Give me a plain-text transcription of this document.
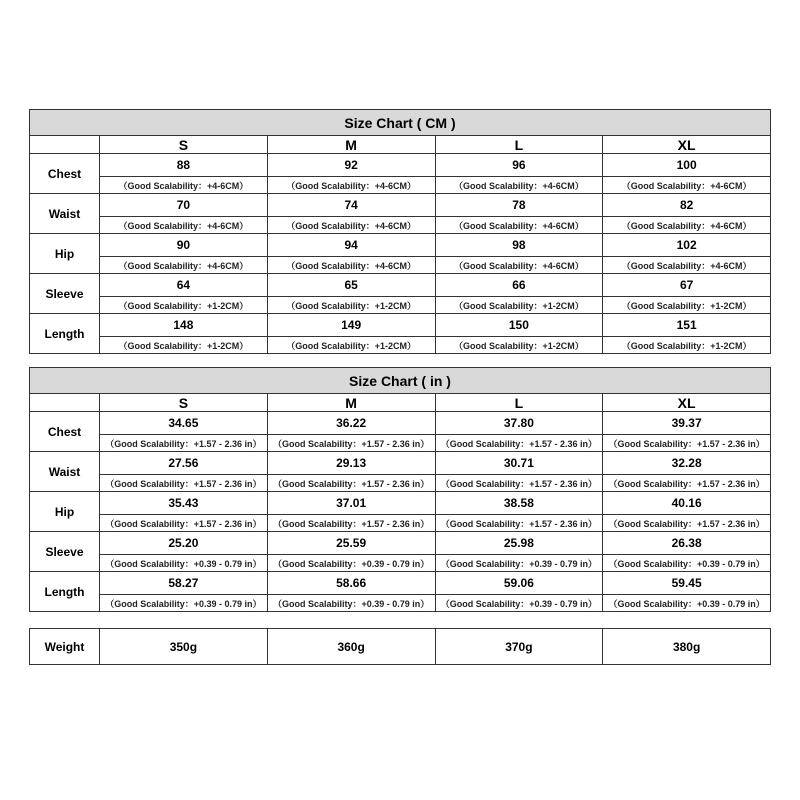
Size Chart ( CM )				
	S	M	L	XL
Chest	88	92	96	100
	（Good Scalability：+4-6CM）	（Good Scalability：+4-6CM）	（Good Scalability：+4-6CM）	（Good Scalability：+4-6CM）
Waist	70	74	78	82
	（Good Scalability：+4-6CM）	（Good Scalability：+4-6CM）	（Good Scalability：+4-6CM）	（Good Scalability：+4-6CM）
Hip	90	94	98	102
	（Good Scalability：+4-6CM）	（Good Scalability：+4-6CM）	（Good Scalability：+4-6CM）	（Good Scalability：+4-6CM）
Sleeve	64	65	66	67
	（Good Scalability：+1-2CM）	（Good Scalability：+1-2CM）	（Good Scalability：+1-2CM）	（Good Scalability：+1-2CM）
Length	148	149	150	151
	（Good Scalability：+1-2CM）	（Good Scalability：+1-2CM）	（Good Scalability：+1-2CM）	（Good Scalability：+1-2CM）
Size Chart ( in )				
	S	M	L	XL
Chest	34.65	36.22	37.80	39.37
	（Good Scalability：+1.57 - 2.36 in）	（Good Scalability：+1.57 - 2.36 in）	（Good Scalability：+1.57 - 2.36 in）	（Good Scalability：+1.57 - 2.36 in）
Waist	27.56	29.13	30.71	32.28
	（Good Scalability：+1.57 - 2.36 in）	（Good Scalability：+1.57 - 2.36 in）	（Good Scalability：+1.57 - 2.36 in）	（Good Scalability：+1.57 - 2.36 in）
Hip	35.43	37.01	38.58	40.16
	（Good Scalability：+1.57 - 2.36 in）	（Good Scalability：+1.57 - 2.36 in）	（Good Scalability：+1.57 - 2.36 in）	（Good Scalability：+1.57 - 2.36 in）
Sleeve	25.20	25.59	25.98	26.38
	（Good Scalability：+0.39 - 0.79 in）	（Good Scalability：+0.39 - 0.79 in）	（Good Scalability：+0.39 - 0.79 in）	（Good Scalability：+0.39 - 0.79 in）
Length	58.27	58.66	59.06	59.45
	（Good Scalability：+0.39 - 0.79 in）	（Good Scalability：+0.39 - 0.79 in）	（Good Scalability：+0.39 - 0.79 in）	（Good Scalability：+0.39 - 0.79 in）
Weight	350g	360g	370g	380g
